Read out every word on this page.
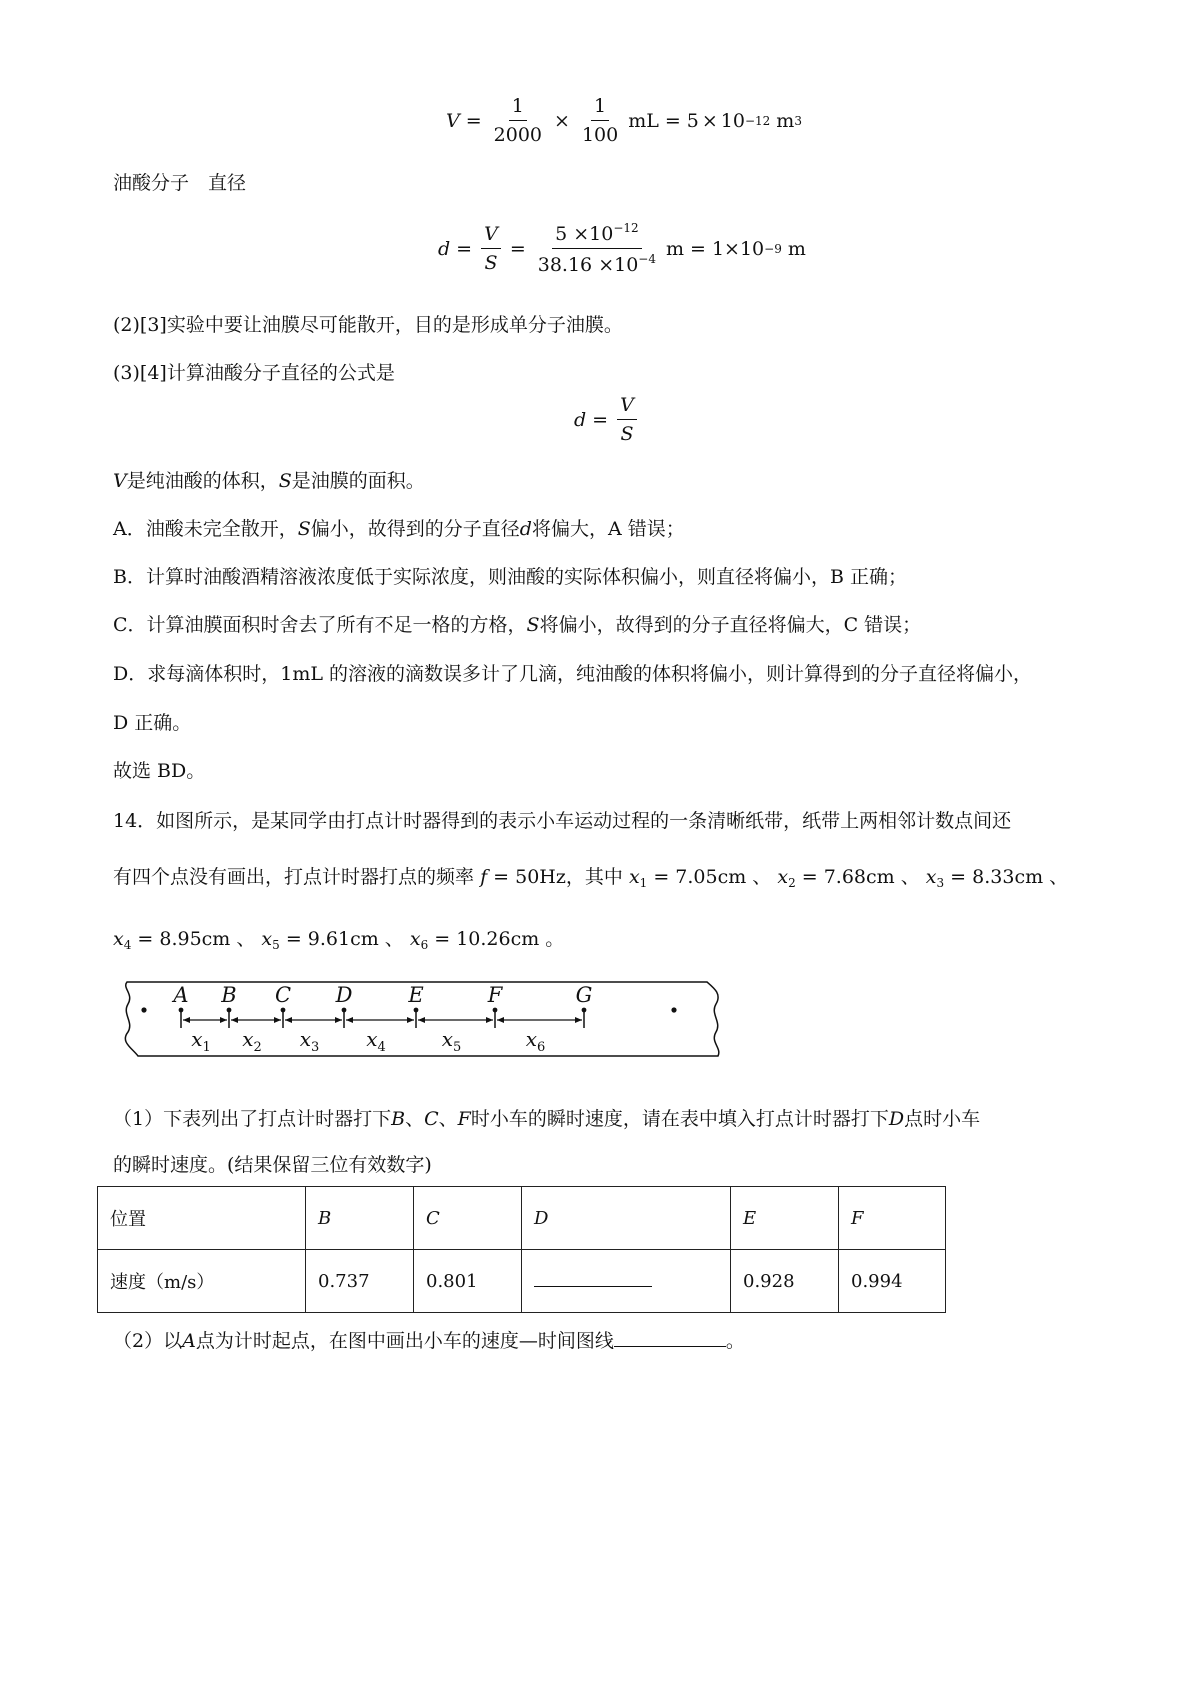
$V = \frac{1}{2000} \times \frac{1}{100}$ mL = 5 × 10 −12 m 3
油酸分子　直径
$d = \frac{V}{S} = \frac{5 \times 10^{-12}}{38.16 \times 10^{-4}}$ m = 1 ×10 −9 m
(2)[3]实验中要让油膜尽可能散开，目的是形成单分子油膜。
(3)[4]计算油酸分子直径的公式是
$d = \frac{V}{S}$
V是纯油酸的体积，S是油膜的面积。
A．油酸未完全散开，S偏小，故得到的分子直径d将偏大，A 错误；
B．计算时油酸酒精溶液浓度低于实际浓度，则油酸的实际体积偏小，则直径将偏小，B 正确；
C．计算油膜面积时舍去了所有不足一格的方格，S将偏小，故得到的分子直径将偏大，C 错误；
D．求每滴体积时，1mL 的溶液的滴数误多计了几滴，纯油酸的体积将偏小，则计算得到的分子直径将偏小，
D 正确。
故选 BD。
14．如图所示，是某同学由打点计时器得到的表示小车运动过程的一条清晰纸带，纸带上两相邻计数点间还
有四个点没有画出，打点计时器打点的频率 f = 50Hz，其中 $x_1 = 7.05cm$ 、 $x_2 = 7.68cm$ 、 $x_3 = 8.33cm$ 、
$x_4 = 8.95cm$ 、 $x_5 = 9.61cm$ 、 $x_6 = 10.26cm$ 。
A B C D	E	F	G
$x_1$ $x_2$ $x_3$ $x_4$	$x_5$	$x_6$
（1）下表列出了打点计时器打下B、C、F时小车的瞬时速度，请在表中填入打点计时器打下D点时小车
的瞬时速度。(结果保留三位有效数字)
位置	B	C	D	E	F
速度（m/s）	0.737	0.801		0.928	0.994
（2）以A点为计时起点，在图中画出小车的速度—时间图线	。
